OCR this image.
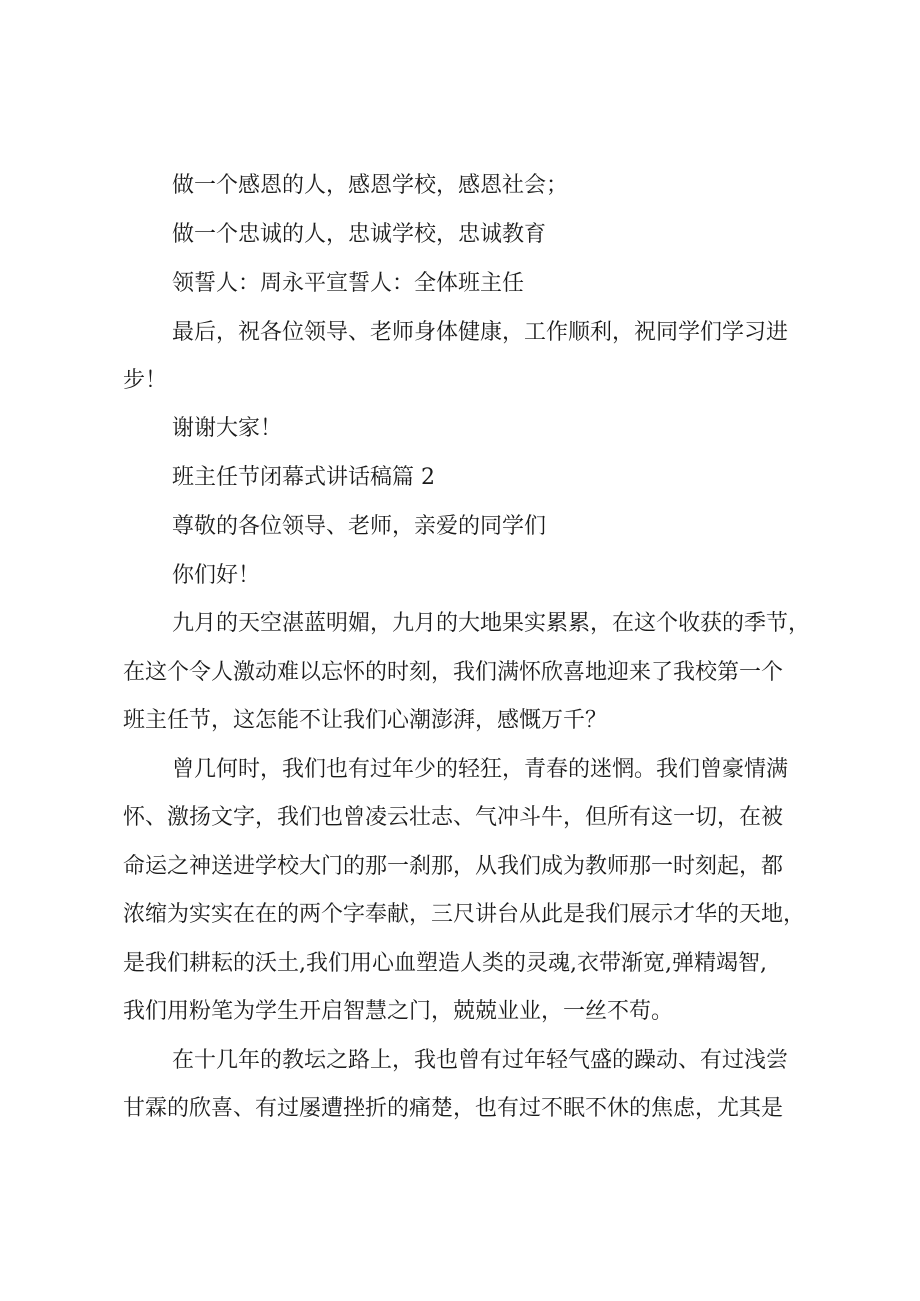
做一个感恩的人，感恩学校，感恩社会；
做一个忠诚的人，忠诚学校，忠诚教育
领誓人：周永平宣誓人：全体班主任
最后，祝各位领导、老师身体健康，工作顺利，祝同学们学习进
步！
谢谢大家！
班主任节闭幕式讲话稿篇 2
尊敬的各位领导、老师，亲爱的同学们
你们好！
九月的天空湛蓝明媚，九月的大地果实累累，在这个收获的季节，
在这个令人激动难以忘怀的时刻，我们满怀欣喜地迎来了我校第一个
班主任节，这怎能不让我们心潮澎湃，感慨万千？
曾几何时，我们也有过年少的轻狂，青春的迷惘。我们曾豪情满
怀、激扬文字，我们也曾凌云壮志、气冲斗牛，但所有这一切，在被
命运之神送进学校大门的那一刹那，从我们成为教师那一时刻起，都
浓缩为实实在在的两个字奉献，三尺讲台从此是我们展示才华的天地，
是我们耕耘的沃土,我们用心血塑造人类的灵魂,衣带渐宽,弹精竭智,
我们用粉笔为学生开启智慧之门，兢兢业业，一丝不苟。
在十几年的教坛之路上，我也曾有过年轻气盛的躁动、有过浅尝
甘霖的欣喜、有过屡遭挫折的痛楚，也有过不眠不休的焦虑，尤其是
